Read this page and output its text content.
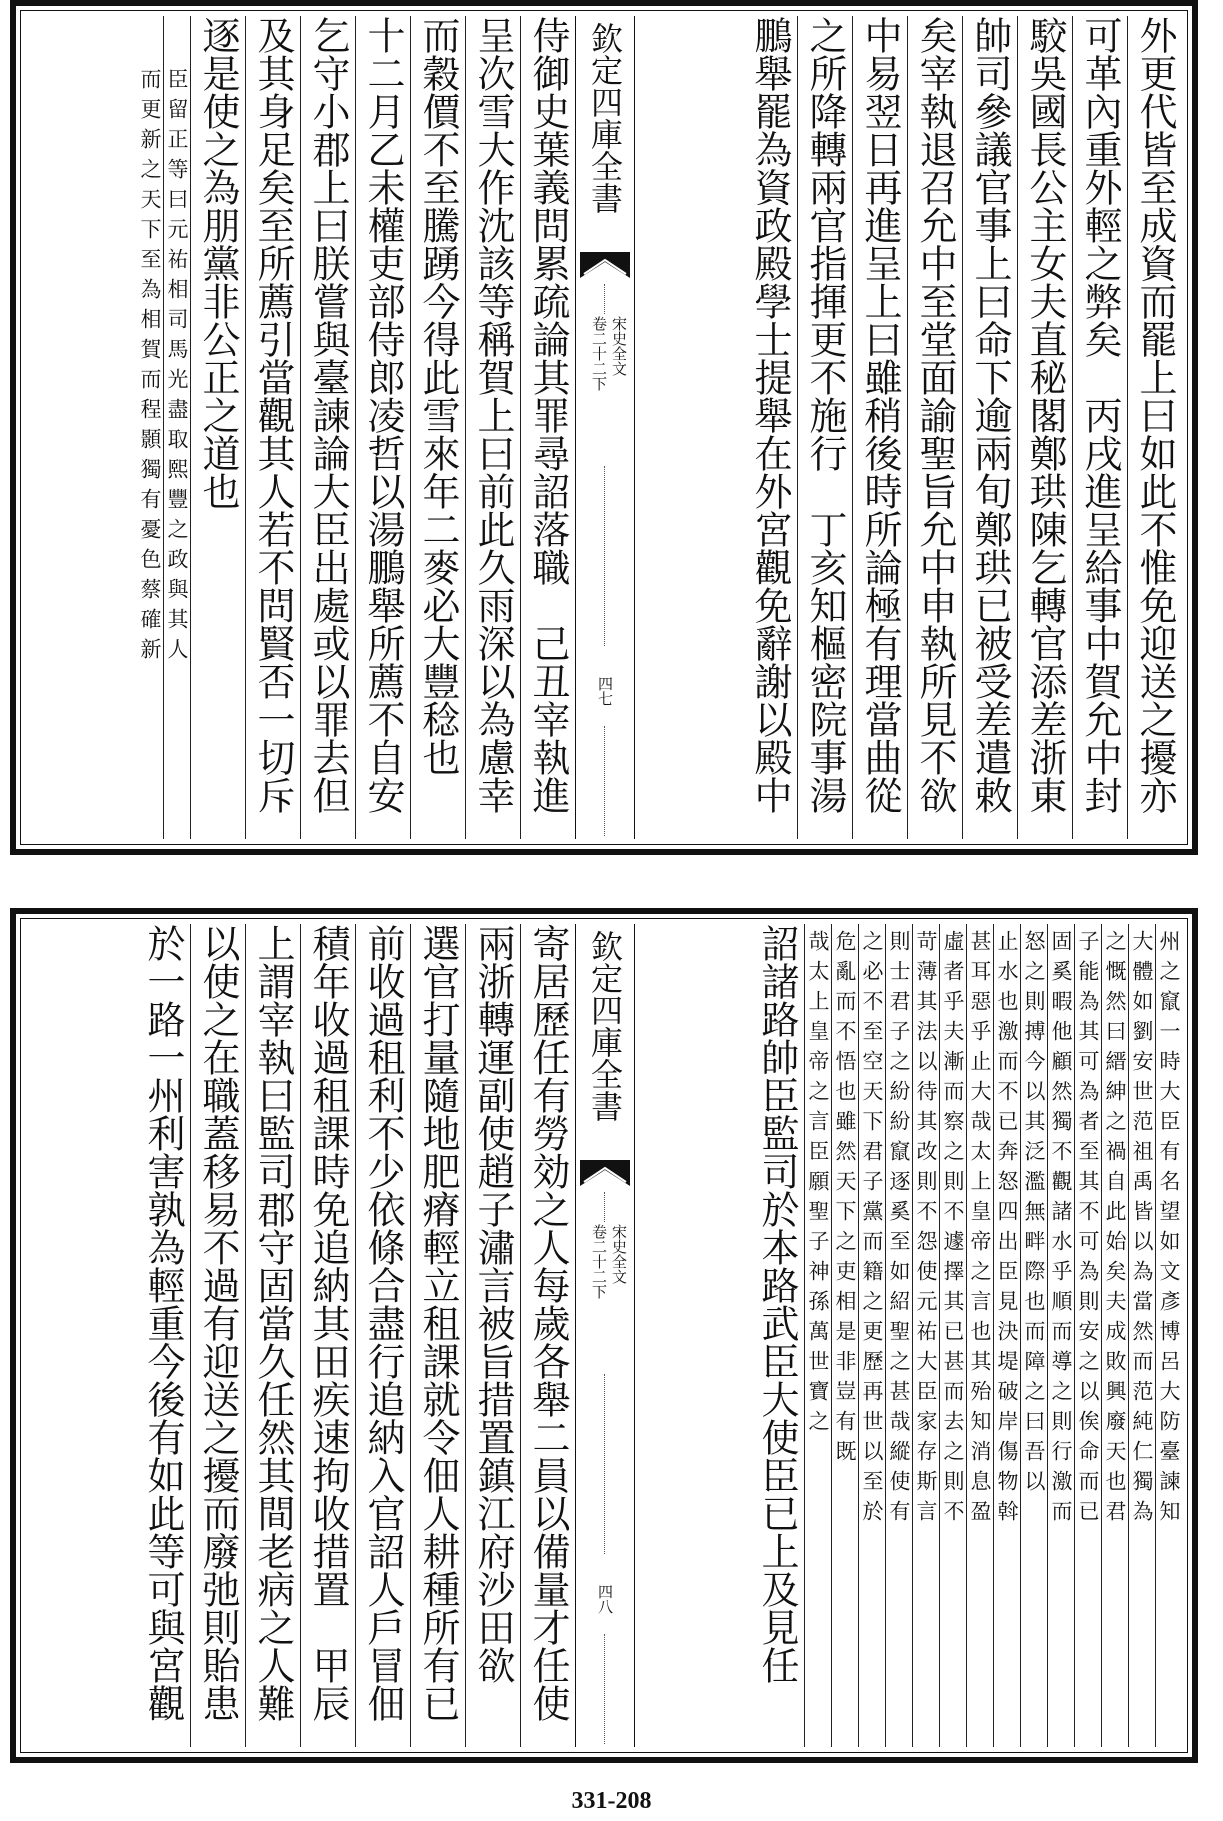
外更代皆至成資而罷上曰如此不惟免迎送之擾亦
可革內重外輕之弊矣　丙戌進呈給事中賀允中封
駮吳國長公主女夫直秘閣鄭珙陳乞轉官添差浙東
帥司參議官事上曰命下逾兩旬鄭珙已被受差遣敕
矣宰執退召允中至堂面諭聖旨允中申執所見不欲
中易翌日再進呈上曰雖稍後時所論極有理當曲從
之所降轉兩官指揮更不施行　丁亥知樞密院事湯
鵬舉罷為資政殿學士提舉在外宮觀免辭謝以殿中
欽定四庫全書
宋史全文
卷二十二下
四七
侍御史葉義問累疏論其罪尋詔落職　己丑宰執進
呈次雪大作沈該等稱賀上曰前此久雨深以為慮幸
而穀價不至騰踴今得此雪來年二麥必大豐稔也
十二月乙未權吏部侍郎凌哲以湯鵬舉所薦不自安
乞守小郡上曰朕嘗與臺諫論大臣出處或以罪去但
及其身足矣至所薦引當觀其人若不問賢否一切斥
逐是使之為朋黨非公正之道也
臣留正等曰元祐相司馬光盡取熙豐之政與其人
而更新之天下至為相賀而程顥獨有憂色蔡確新
州之竄一時大臣有名望如文彥博呂大防臺諫知
大體如劉安世范祖禹皆以為當然而范純仁獨為
之慨然曰縉紳之禍自此始矣夫成敗興廢天也君
子能為其可為者至其不可為則安之以俟命而已
固奚暇他顧然獨不觀諸水乎順而導之則行激而
怒之則搏今以其泛濫無畔際也而障之曰吾以
止水也激而不已奔怒四出臣見決堤破岸傷物斡
甚耳惡乎止大哉太上皇帝之言也其殆知消息盈
虛者乎夫漸而察之則不遽擇其已甚而去之則不
苛薄其法以待其改則不怨使元祐大臣家存斯言
則士君子之紛紛竄逐奚至如紹聖之甚哉縱使有
之必不至空天下君子黨而籍之更歷再世以至於
危亂而不悟也雖然天下之吏相是非豈有既
哉太上皇帝之言臣願聖子神孫萬世寶之
詔諸路帥臣監司於本路武臣大使臣已上及見任
欽定四庫全書
宋史全文
卷二十二下
四八
寄居歷任有勞効之人每歲各舉二員以備量才任使
兩浙轉運副使趙子潚言被旨措置鎮江府沙田欲
選官打量隨地肥瘠輕立租課就令佃人耕種所有已
前收過租利不少依條合盡行追納入官詔人戶冒佃
積年收過租課時免追納其田疾速拘收措置　甲辰
上謂宰執曰監司郡守固當久任然其間老病之人難
以使之在職蓋移易不過有迎送之擾而廢弛則貽患
於一路一州利害孰為輕重今後有如此等可與宮觀
331-208
